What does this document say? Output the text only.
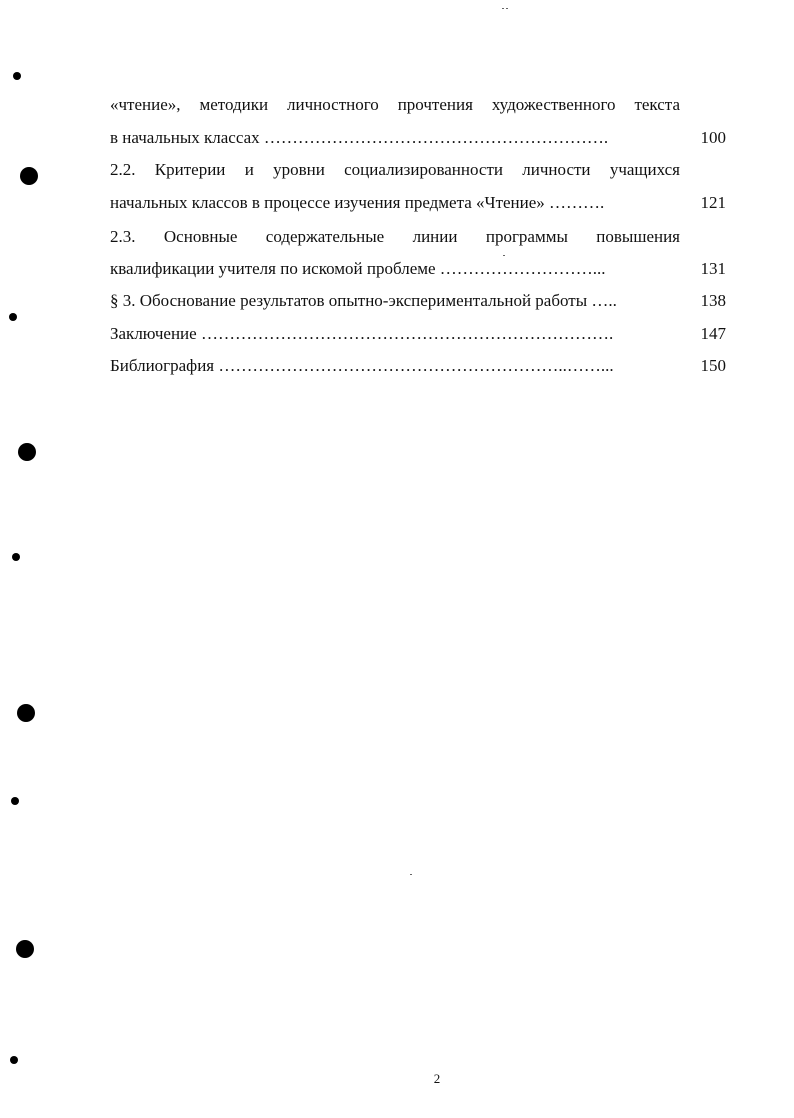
«чтение», методики личностного прочтения художественного текста
в начальных классах …………………………………………………….	100
2.2. Критерии и уровни социализированности личности учащихся
начальных классов в процессе изучения предмета «Чтение» ……….	121
2.3. Основные содержательные линии программы повышения
квалификации учителя по искомой проблеме ………………………...	131
§ 3. Обоснование результатов опытно-экспериментальной работы …..	138
Заключение ……………………………………………………………….	147
Библиография ……………………………………………………..……...	150
2
